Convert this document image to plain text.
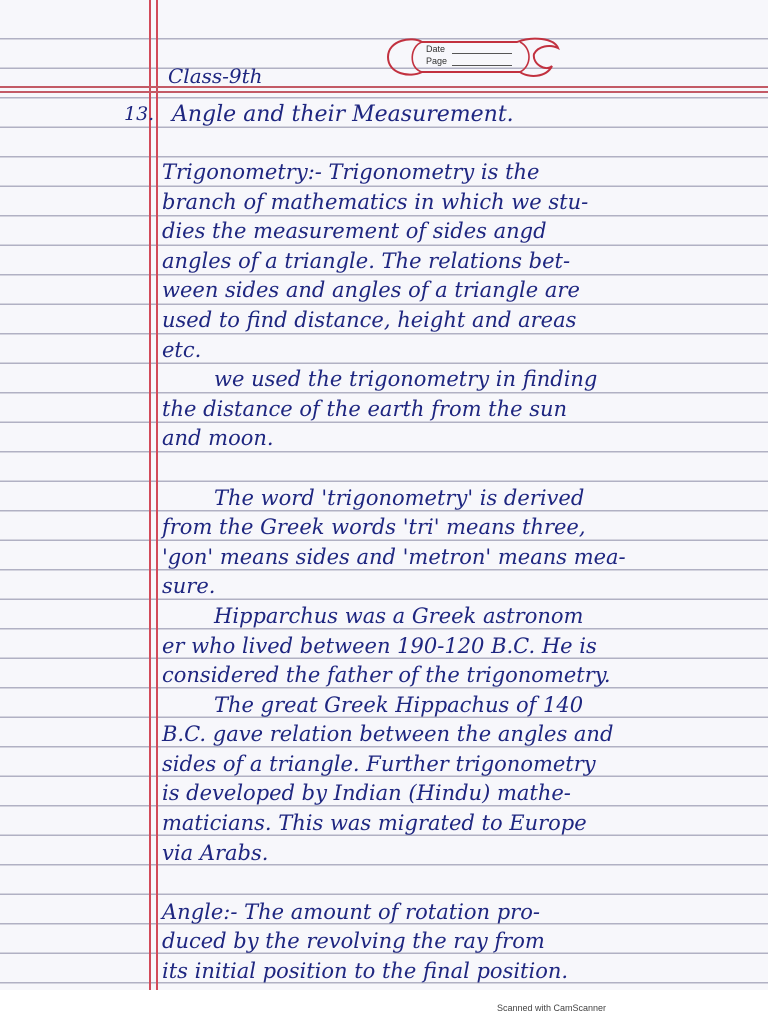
Date
Page
Class-9th
13. Angle and their Measurement.
Trigonometry:- Trigonometry is the
branch of mathematics in which we stu-
dies the measurement of sides angd
angles of a triangle. The relations bet-
ween sides and angles of a triangle are
used to find distance, height and areas
etc.
we used the trigonometry in finding
the distance of the earth from the sun
and moon.
The word 'trigonometry' is derived
from the Greek words 'tri' means three,
'gon' means sides and 'metron' means mea-
sure.
Hipparchus was a Greek astronom
er who lived between 190-120 B.C. He is
considered the father of the trigonometry.
The great Greek Hippachus of 140
B.C. gave relation between the angles and
sides of a triangle. Further trigonometry
is developed by Indian (Hindu) mathe-
maticians. This was migrated to Europe
via Arabs.
Angle:- The amount of rotation pro-
duced by the revolving the ray from
its initial position to the final position.
Scanned with CamScanner
